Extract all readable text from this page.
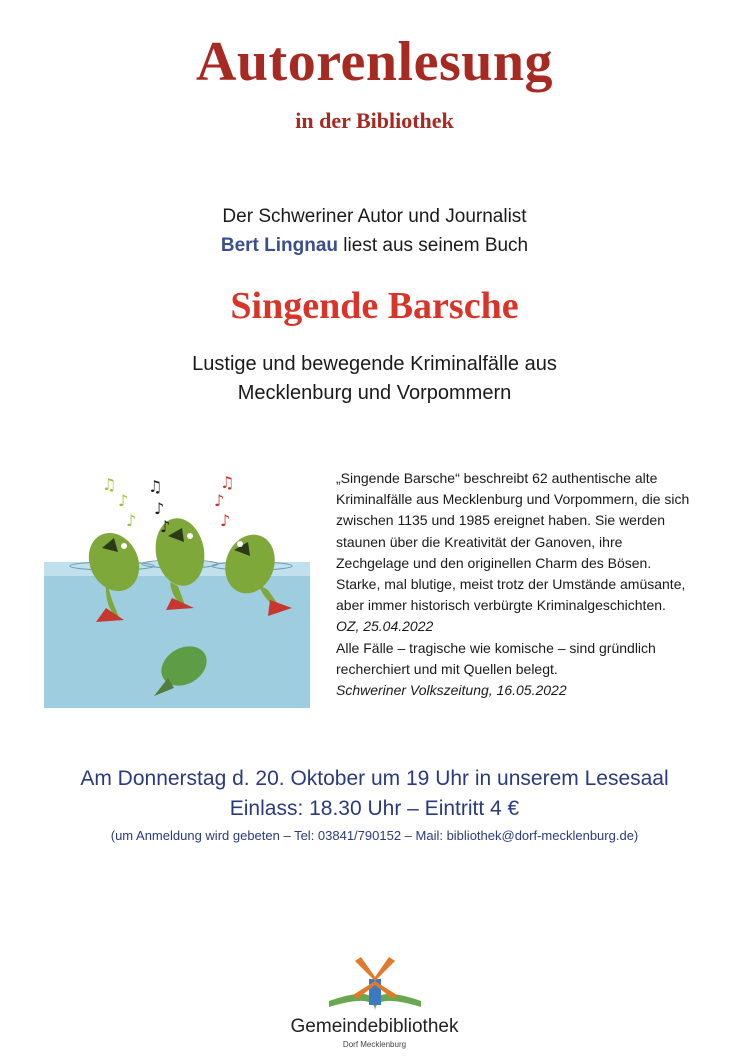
Autorenlesung
in der Bibliothek
Der Schweriner Autor und Journalist
Bert Lingnau liest aus seinem Buch
Singende Barsche
Lustige und bewegende Kriminalfälle aus
Mecklenburg und Vorpommern
♫
♪
♪
♫
♪
♪
♫
♪
♪
„Singende Barsche“ beschreibt 62 authentische alte
Kriminalfälle aus Mecklenburg und Vorpommern, die sich
zwischen 1135 und 1985 ereignet haben. Sie werden
staunen über die Kreativität der Ganoven, ihre
Zechgelage und den originellen Charm des Bösen.
Starke, mal blutige, meist trotz der Umstände amüsante,
aber immer historisch verbürgte Kriminalgeschichten.
OZ, 25.04.2022
Alle Fälle – tragische wie komische – sind gründlich
recherchiert und mit Quellen belegt.
Schweriner Volkszeitung, 16.05.2022
Am Donnerstag d. 20. Oktober um 19 Uhr in unserem Lesesaal
Einlass: 18.30 Uhr – Eintritt 4 €
(um Anmeldung wird gebeten – Tel: 03841/790152 – Mail: bibliothek@dorf-mecklenburg.de)
Gemeindebibliothek
Dorf Mecklenburg
